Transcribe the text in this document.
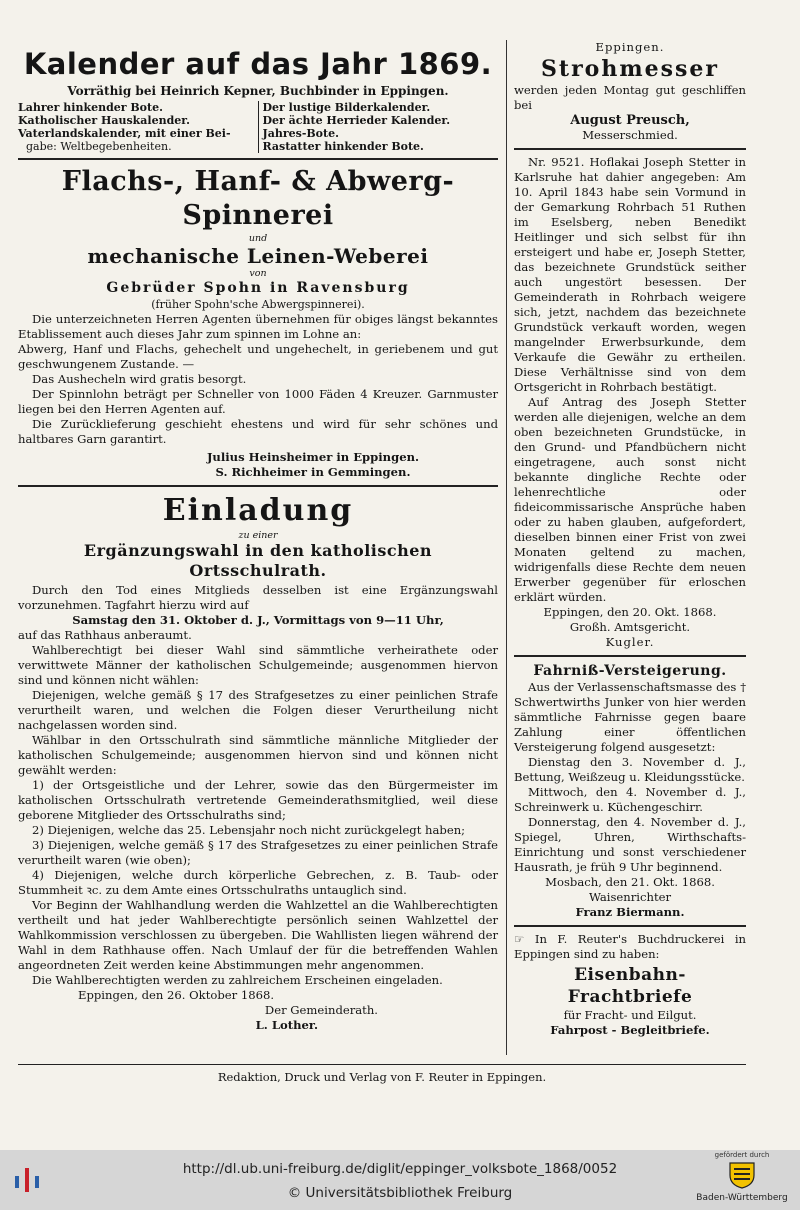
Kalender auf das Jahr 1869.

Vorräthig bei Heinrich Kepner, Buchbinder in Eppingen.

Lahrer hinkender Bote.

Katholischer Hauskalender.

Vaterlandskalender, mit einer Bei-

gabe: Weltbegebenheiten.

Der lustige Bilderkalender.

Der ächte Herrieder Kalender.

Jahres-Bote.

Rastatter hinkender Bote.

Flachs-, Hanf- & Abwerg-Spinnerei

und

mechanische Leinen-Weberei

von

Gebrüder Spohn in Ravensburg

(früher Spohn'sche Abwergspinnerei).

Die unterzeichneten Herren Agenten übernehmen für obiges längst bekanntes Etablissement auch dieses Jahr zum spinnen im Lohne an:

Abwerg, Hanf und Flachs, gehechelt und ungehechelt, in geriebenem und gut geschwungenem Zustande. —

Das Aushecheln wird gratis besorgt.

Der Spinnlohn beträgt per Schneller von 1000 Fäden 4 Kreuzer. Garnmuster liegen bei den Herren Agenten auf.

Die Zurücklieferung geschieht ehestens und wird für sehr schönes und haltbares Garn garantirt.

Julius Heinsheimer in Eppingen.

S. Richheimer in Gemmingen.

Einladung

zu einer

Ergänzungswahl in den katholischen Ortsschulrath.

Durch den Tod eines Mitglieds desselben ist eine Ergänzungswahl vorzunehmen. Tagfahrt hierzu wird auf

Samstag den 31. Oktober d. J., Vormittags von 9—11 Uhr,

auf das Rathhaus anberaumt.

Wahlberechtigt bei dieser Wahl sind sämmtliche verheirathete oder verwittwete Männer der katholischen Schulgemeinde; ausgenommen hiervon sind und können nicht wählen:

Diejenigen, welche gemäß § 17 des Strafgesetzes zu einer peinlichen Strafe verurtheilt waren, und welchen die Folgen dieser Verurtheilung nicht nachgelassen worden sind.

Wählbar in den Ortsschulrath sind sämmtliche männliche Mitglieder der katholischen Schulgemeinde; ausgenommen hiervon sind und können nicht gewählt werden:

1) der Ortsgeistliche und der Lehrer, sowie das den Bürgermeister im katholischen Ortsschulrath vertretende Gemeinderathsmitglied, weil diese geborene Mitglieder des Ortsschulraths sind;

2) Diejenigen, welche das 25. Lebensjahr noch nicht zurückgelegt haben;

3) Diejenigen, welche gemäß § 17 des Strafgesetzes zu einer peinlichen Strafe verurtheilt waren (wie oben);

4) Diejenigen, welche durch körperliche Gebrechen, z. B. Taub- oder Stummheit ꝛc. zu dem Amte eines Ortsschulraths untauglich sind.

Vor Beginn der Wahlhandlung werden die Wahlzettel an die Wahlberechtigten vertheilt und hat jeder Wahlberechtigte persönlich seinen Wahlzettel der Wahlkommission verschlossen zu übergeben. Die Wahllisten liegen während der Wahl in dem Rathhause offen. Nach Umlauf der für die betreffenden Wahlen angeordneten Zeit werden keine Abstimmungen mehr angenommen.

Die Wahlberechtigten werden zu zahlreichem Erscheinen eingeladen.

Eppingen, den 26. Oktober 1868.

Der Gemeinderath.

L. Lother.

Eppingen.

Strohmesser

werden jeden Montag gut geschliffen bei

August Preusch,

Messerschmied.

Nr. 9521. Hoflakai Joseph Stetter in Karlsruhe hat dahier angegeben: Am 10. April 1843 habe sein Vormund in der Gemarkung Rohrbach 51 Ruthen im Eselsberg, neben Benedikt Heitlinger und sich selbst für ihn ersteigert und habe er, Joseph Stetter, das bezeichnete Grundstück seither auch ungestört besessen. Der Gemeinderath in Rohrbach weigere sich, jetzt, nachdem das bezeichnete Grundstück verkauft worden, wegen mangelnder Erwerbsurkunde, dem Verkaufe die Gewähr zu ertheilen. Diese Verhältnisse sind von dem Ortsgericht in Rohrbach bestätigt.

Auf Antrag des Joseph Stetter werden alle diejenigen, welche an dem oben bezeichneten Grundstücke, in den Grund- und Pfandbüchern nicht eingetragene, auch sonst nicht bekannte dingliche Rechte oder lehenrechtliche oder fideicommissarische Ansprüche haben oder zu haben glauben, aufgefordert, dieselben binnen einer Frist von zwei Monaten geltend zu machen, widrigenfalls diese Rechte dem neuen Erwerber gegenüber für erloschen erklärt würden.

Eppingen, den 20. Okt. 1868.

Großh. Amtsgericht.

Kugler.

Fahrniß-Versteigerung.

Aus der Verlassenschaftsmasse des † Schwertwirths Junker von hier werden sämmtliche Fahrnisse gegen baare Zahlung einer öffentlichen Versteigerung folgend ausgesetzt:

Dienstag den 3. November d. J., Bettung, Weißzeug u. Kleidungsstücke.

Mittwoch, den 4. November d. J., Schreinwerk u. Küchengeschirr.

Donnerstag, den 4. November d. J., Spiegel, Uhren, Wirthschafts-Einrichtung und sonst verschiedener Hausrath, je früh 9 Uhr beginnend.

Mosbach, den 21. Okt. 1868.

Waisenrichter

Franz Biermann.

☞ In F. Reuter's Buchdruckerei in Eppingen sind zu haben:

Eisenbahn-Frachtbriefe

für Fracht- und Eilgut.

Fahrpost - Begleitbriefe.

Redaktion, Druck und Verlag von F. Reuter in Eppingen.
http://dl.ub.uni-freiburg.de/diglit/eppinger_volksbote_1868/0052
© Universitätsbibliothek Freiburg
gefördert durch
Baden-Württemberg
